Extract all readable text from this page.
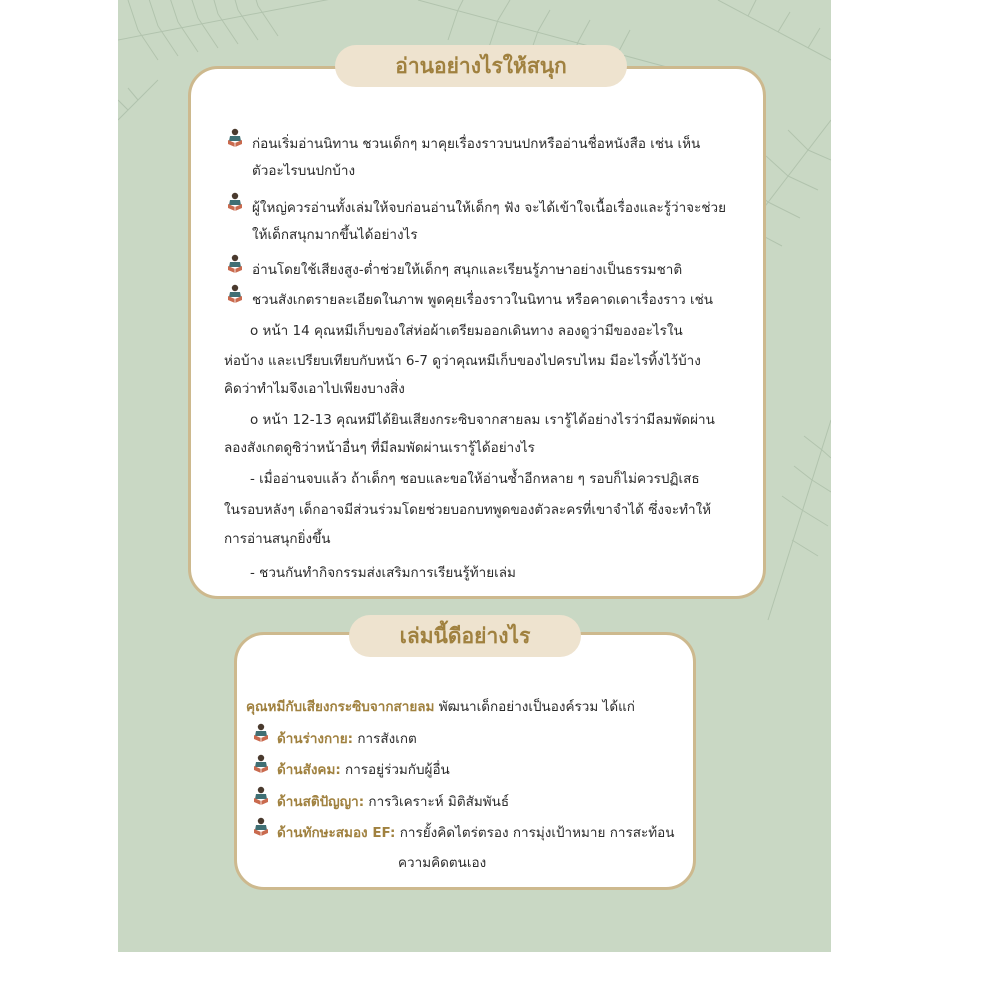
อ่านอย่างไรให้สนุก
เล่มนี้ดีอย่างไร
ก่อนเริ่มอ่านนิทาน ชวนเด็กๆ มาคุยเรื่องราวบนปกหรืออ่านชื่อหนังสือ เช่น เห็น
ตัวอะไรบนปกบ้าง
ผู้ใหญ่ควรอ่านทั้งเล่มให้จบก่อนอ่านให้เด็กๆ ฟัง จะได้เข้าใจเนื้อเรื่องและรู้ว่าจะช่วย
ให้เด็กสนุกมากขึ้นได้อย่างไร
อ่านโดยใช้เสียงสูง-ต่ำช่วยให้เด็กๆ สนุกและเรียนรู้ภาษาอย่างเป็นธรรมชาติ
ชวนสังเกตรายละเอียดในภาพ พูดคุยเรื่องราวในนิทาน หรือคาดเดาเรื่องราว เช่น
o หน้า 14 คุณหมีเก็บของใส่ห่อผ้าเตรียมออกเดินทาง ลองดูว่ามีของอะไรใน
ห่อบ้าง และเปรียบเทียบกับหน้า 6-7 ดูว่าคุณหมีเก็บของไปครบไหม มีอะไรทิ้งไว้บ้าง
คิดว่าทำไมจึงเอาไปเพียงบางสิ่ง
o หน้า 12-13 คุณหมีได้ยินเสียงกระซิบจากสายลม เรารู้ได้อย่างไรว่ามีลมพัดผ่าน
ลองสังเกตดูซิว่าหน้าอื่นๆ ที่มีลมพัดผ่านเรารู้ได้อย่างไร
- เมื่ออ่านจบแล้ว ถ้าเด็กๆ ชอบและขอให้อ่านซ้ำอีกหลาย ๆ รอบก็ไม่ควรปฏิเสธ
ในรอบหลังๆ เด็กอาจมีส่วนร่วมโดยช่วยบอกบทพูดของตัวละครที่เขาจำได้ ซึ่งจะทำให้
การอ่านสนุกยิ่งขึ้น
- ชวนกันทำกิจกรรมส่งเสริมการเรียนรู้ท้ายเล่ม
คุณหมีกับเสียงกระซิบจากสายลม พัฒนาเด็กอย่างเป็นองค์รวม ได้แก่
ด้านร่างกาย: การสังเกต
ด้านสังคม: การอยู่ร่วมกับผู้อื่น
ด้านสติปัญญา: การวิเคราะห์ มิติสัมพันธ์
ด้านทักษะสมอง EF: การยั้งคิดไตร่ตรอง การมุ่งเป้าหมาย การสะท้อน
ความคิดตนเอง
